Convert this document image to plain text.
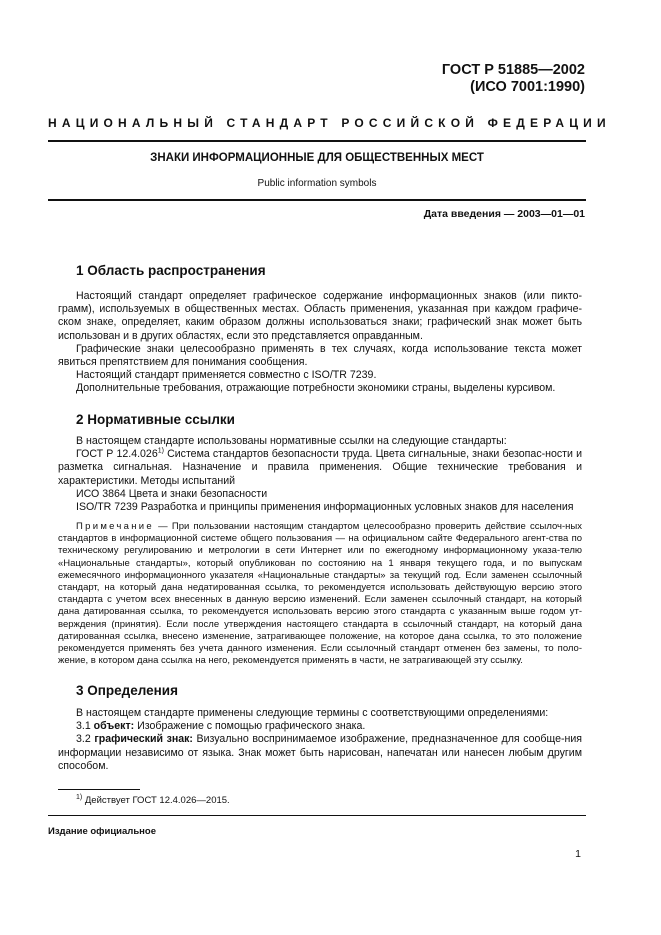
ГОСТ Р 51885—2002
(ИСО 7001:1990)
НАЦИОНАЛЬНЫЙ СТАНДАРТ РОССИЙСКОЙ ФЕДЕРАЦИИ
ЗНАКИ ИНФОРМАЦИОННЫЕ ДЛЯ ОБЩЕСТВЕННЫХ МЕСТ
Public information symbols
Дата введения — 2003—01—01
1 Область распространения

Настоящий стандарт определяет графическое содержание информационных знаков (или пикто-грамм), используемых в общественных местах. Область применения, указанная при каждом графиче-ском знаке, определяет, каким образом должны использоваться знаки; графический знак может быть использован и в других областях, если это представляется оправданным.

Графические знаки целесообразно применять в тех случаях, когда использование текста может явиться препятствием для понимания сообщения.

Настоящий стандарт применяется совместно с ISO/TR 7239.

Дополнительные требования, отражающие потребности экономики страны, выделены курсивом.

2 Нормативные ссылки

В настоящем стандарте использованы нормативные ссылки на следующие стандарты:

ГОСТ Р 12.4.026$^{1)}$ Система стандартов безопасности труда. Цвета сигнальные, знаки безопас-ности и разметка сигнальная. Назначение и правила применения. Общие технические требования и характеристики. Методы испытаний

ИСО 3864 Цвета и знаки безопасности

ISO/TR 7239 Разработка и принципы применения информационных условных знаков для населения

Примечание — При пользовании настоящим стандартом целесообразно проверить действие ссылоч-ных стандартов в информационной системе общего пользования — на официальном сайте Федерального агент-ства по техническому регулированию и метрологии в сети Интернет или по ежегодному информационному указа-телю «Национальные стандарты», который опубликован по состоянию на 1 января текущего года, и по выпускам ежемесячного информационного указателя «Национальные стандарты» за текущий год. Если заменен ссылочный стандарт, на который дана недатированная ссылка, то рекомендуется использовать действующую версию этого стандарта с учетом всех внесенных в данную версию изменений. Если заменен ссылочный стандарт, на который дана датированная ссылка, то рекомендуется использовать версию этого стандарта с указанным выше годом ут-верждения (принятия). Если после утверждения настоящего стандарта в ссылочный стандарт, на который дана датированная ссылка, внесено изменение, затрагивающее положение, на которое дана ссылка, то это положение рекомендуется применять без учета данного изменения. Если ссылочный стандарт отменен без замены, то поло-жение, в котором дана ссылка на него, рекомендуется применять в части, не затрагивающей эту ссылку.

3 Определения

В настоящем стандарте применены следующие термины с соответствующими определениями:

3.1 объект: Изображение с помощью графического знака.

3.2 графический знак: Визуально воспринимаемое изображение, предназначенное для сообще-ния информации независимо от языка. Знак может быть нарисован, напечатан или нанесен любым другим способом.

$^{1)}$ Действует ГОСТ 12.4.026—2015.
Издание официальное
1
